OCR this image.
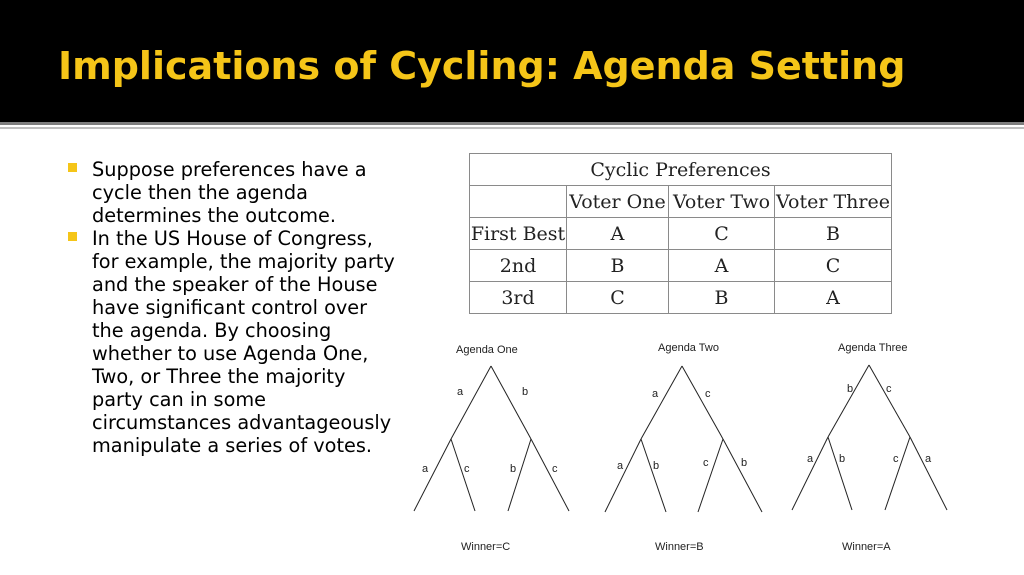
Implications of Cycling: Agenda Setting
Suppose preferences have a cycle then the agenda determines the outcome.
In the US House of Congress, for example, the majority party and the speaker of the House have significant control over the agenda. By choosing whether to use Agenda One, Two, or Three the majority party can in some circumstances advantageously manipulate a series of votes.
Cyclic Preferences			
	Voter One	Voter Two	Voter Three
First Best	A	C	B
2nd	B	A	C
3rd	C	B	A
Agenda One
a	b
a	c	b	c
Winner=C
Agenda Two
a	c
a	b	c	b
Winner=B
Agenda Three
b	c
a b	c a
Winner=A
